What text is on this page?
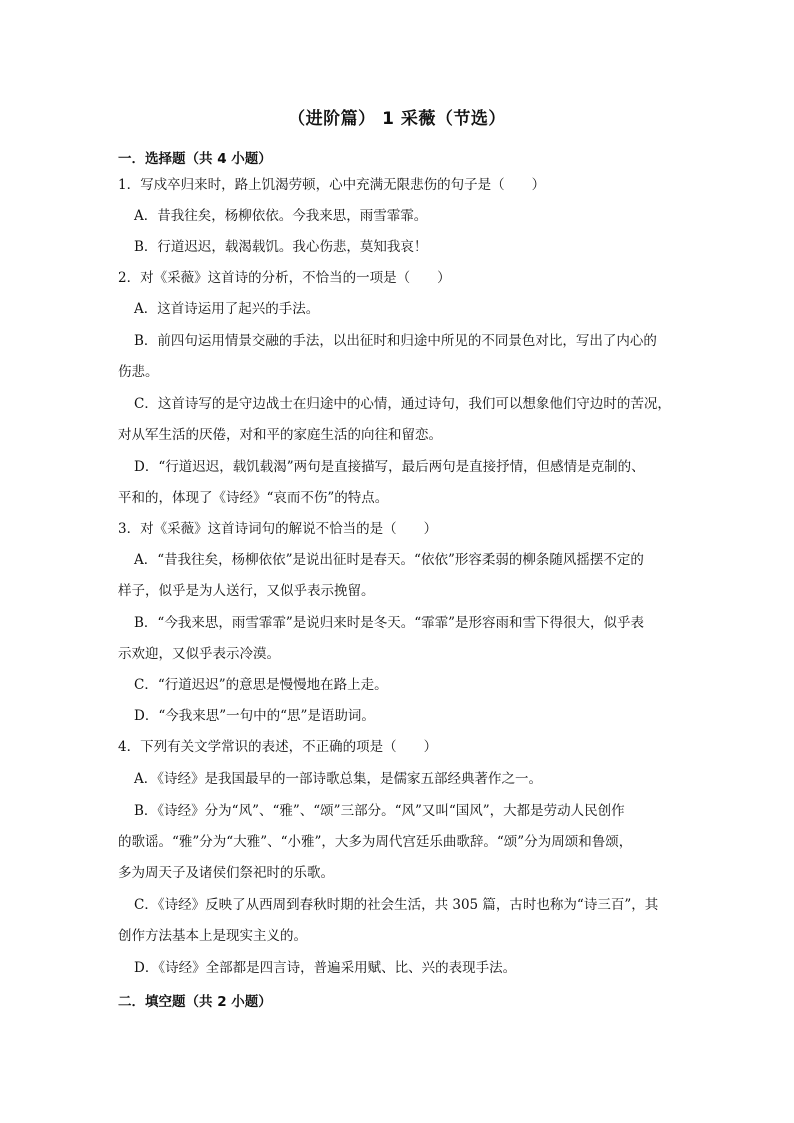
（进阶篇） 1 采薇（节选）
一．选择题（共 4 小题）
1．写戍卒归来时，路上饥渴劳顿，心中充满无限悲伤的句子是（　　）
A．昔我往矣，杨柳依依。今我来思，雨雪霏霏。
B．行道迟迟，载渴载饥。我心伤悲，莫知我哀！
2．对《采薇》这首诗的分析，不恰当的一项是（　　）
A．这首诗运用了起兴的手法。
B．前四句运用情景交融的手法，以出征时和归途中所见的不同景色对比，写出了内心的
伤悲。
C．这首诗写的是守边战士在归途中的心情，通过诗句，我们可以想象他们守边时的苦况，
对从军生活的厌倦，对和平的家庭生活的向往和留恋。
D．“行道迟迟，载饥载渴”两句是直接描写，最后两句是直接抒情，但感情是克制的、
平和的，体现了《诗经》“哀而不伤”的特点。
3．对《采薇》这首诗词句的解说不恰当的是（　　）
A．“昔我往矣，杨柳依依”是说出征时是春天。“依依”形容柔弱的柳条随风摇摆不定的
样子，似乎是为人送行，又似乎表示挽留。
B．“今我来思，雨雪霏霏”是说归来时是冬天。“霏霏”是形容雨和雪下得很大，似乎表
示欢迎，又似乎表示冷漠。
C．“行道迟迟”的意思是慢慢地在路上走。
D．“今我来思”一句中的“思”是语助词。
4．下列有关文学常识的表述，不正确的项是（　　）
A．《诗经》是我国最早的一部诗歌总集，是儒家五部经典著作之一。
B．《诗经》分为“风”、“雅”、“颂”三部分。“风”又叫“国风”，大都是劳动人民创作
的歌谣。“雅”分为“大雅”、“小雅”，大多为周代宫廷乐曲歌辞。“颂”分为周颂和鲁颂，
多为周天子及诸侯们祭祀时的乐歌。
C．《诗经》反映了从西周到春秋时期的社会生活，共 305 篇，古时也称为“诗三百”，其
创作方法基本上是现实主义的。
D．《诗经》全部都是四言诗，普遍采用赋、比、兴的表现手法。
二．填空题（共 2 小题）
